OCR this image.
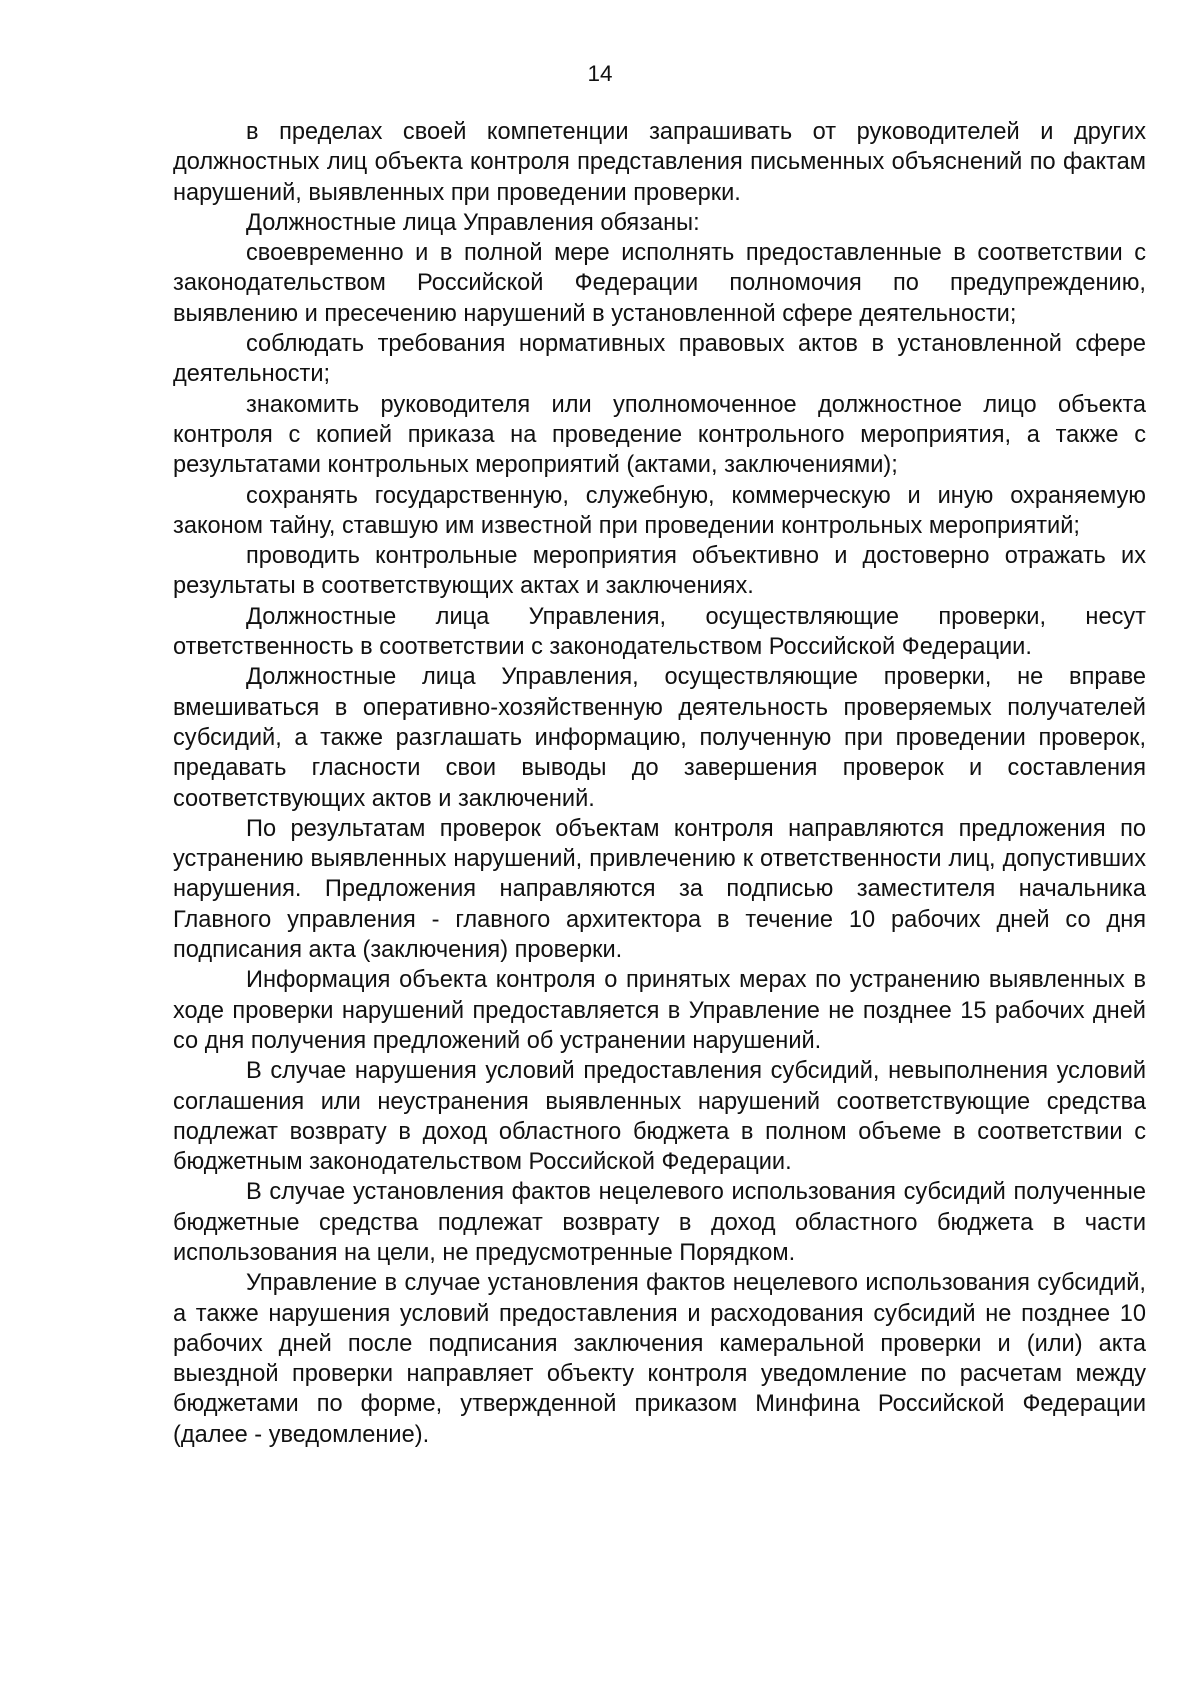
14

в пределах своей компетенции запрашивать от руководителей и других должностных лиц объекта контроля представления письменных объяснений по фактам нарушений, выявленных при проведении проверки.

Должностные лица Управления обязаны:

своевременно и в полной мере исполнять предоставленные в соответствии с законодательством Российской Федерации полномочия по предупреждению, выявлению и пресечению нарушений в установленной сфере деятельности;

соблюдать требования нормативных правовых актов в установленной сфере деятельности;

знакомить руководителя или уполномоченное должностное лицо объекта контроля с копией приказа на проведение контрольного мероприятия, а также с результатами контрольных мероприятий (актами, заключениями);

сохранять государственную, служебную, коммерческую и иную охраняемую законом тайну, ставшую им известной при проведении контрольных мероприятий;

проводить контрольные мероприятия объективно и достоверно отражать их результаты в соответствующих актах и заключениях.

Должностные лица Управления, осуществляющие проверки, несут ответственность в соответствии с законодательством Российской Федерации.

Должностные лица Управления, осуществляющие проверки, не вправе вмешиваться в оперативно-хозяйственную деятельность проверяемых получателей субсидий, а также разглашать информацию, полученную при проведении проверок, предавать гласности свои выводы до завершения проверок и составления соответствующих актов и заключений.

По результатам проверок объектам контроля направляются предложения по устранению выявленных нарушений, привлечению к ответственности лиц, допустивших нарушения. Предложения направляются за подписью заместителя начальника Главного управления - главного архитектора в течение 10 рабочих дней со дня подписания акта (заключения) проверки.

Информация объекта контроля о принятых мерах по устранению выявленных в ходе проверки нарушений предоставляется в Управление не позднее 15 рабочих дней со дня получения предложений об устранении нарушений.

В случае нарушения условий предоставления субсидий, невыполнения условий соглашения или неустранения выявленных нарушений соответствующие средства подлежат возврату в доход областного бюджета в полном объеме в соответствии с бюджетным законодательством Российской Федерации.

В случае установления фактов нецелевого использования субсидий полученные бюджетные средства подлежат возврату в доход областного бюджета в части использования на цели, не предусмотренные Порядком.

Управление в случае установления фактов нецелевого использования субсидий, а также нарушения условий предоставления и расходования субсидий не позднее 10 рабочих дней после подписания заключения камеральной проверки и (или) акта выездной проверки направляет объекту контроля уведомление по расчетам между бюджетами по форме, утвержденной приказом Минфина Российской Федерации (далее - уведомление).
